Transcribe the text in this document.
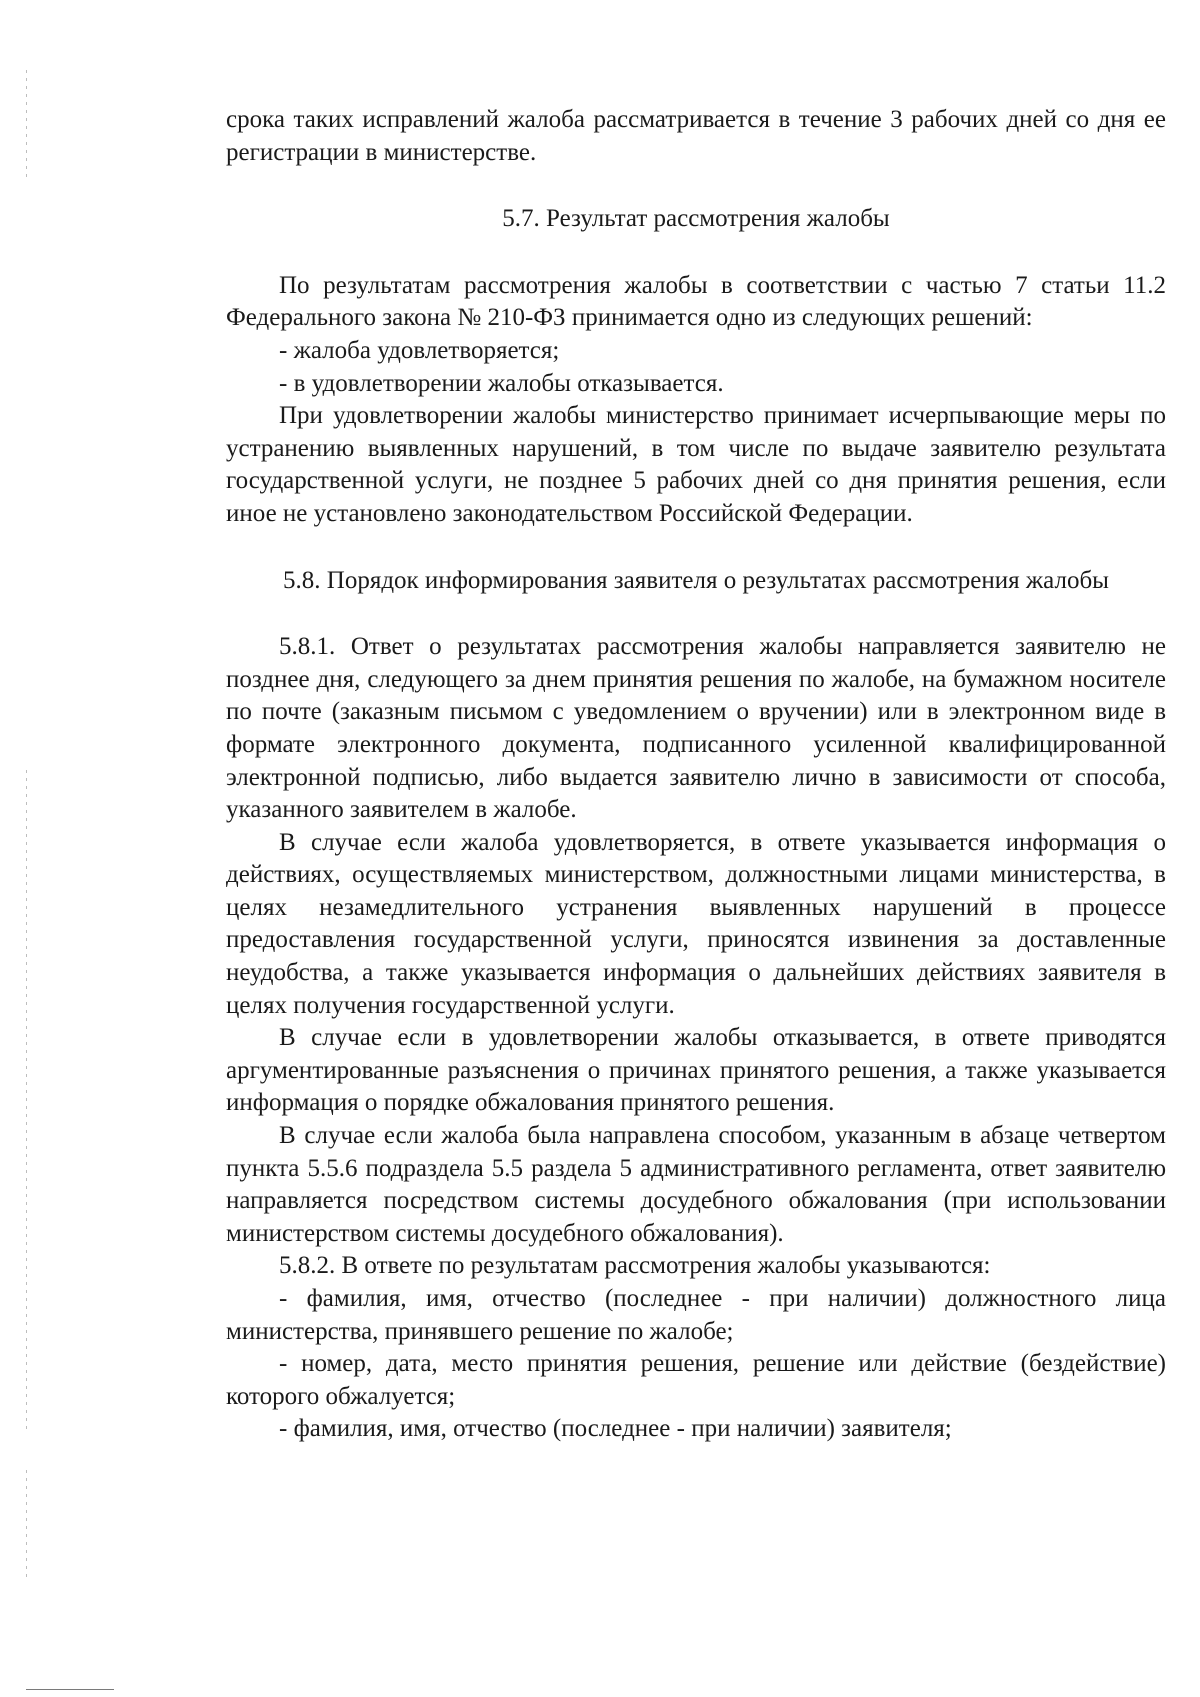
срока таких исправлений жалоба рассматривается в течение 3 рабочих дней со дня ее регистрации в министерстве.

5.7. Результат рассмотрения жалобы

По результатам рассмотрения жалобы в соответствии с частью 7 статьи 11.2 Федерального закона № 210-ФЗ принимается одно из следующих решений:

- жалоба удовлетворяется;

- в удовлетворении жалобы отказывается.

При удовлетворении жалобы министерство принимает исчерпывающие меры по устранению выявленных нарушений, в том числе по выдаче заявителю результата государственной услуги, не позднее 5 рабочих дней со дня принятия решения, если иное не установлено законодательством Российской Федерации.

5.8. Порядок информирования заявителя о результатах рассмотрения жалобы

5.8.1. Ответ о результатах рассмотрения жалобы направляется заявителю не позднее дня, следующего за днем принятия решения по жалобе, на бумажном носителе по почте (заказным письмом с уведомлением о вручении) или в электронном виде в формате электронного документа, подписанного усиленной квалифицированной электронной подписью, либо выдается заявителю лично в зависимости от способа, указанного заявителем в жалобе.

В случае если жалоба удовлетворяется, в ответе указывается информация о действиях, осуществляемых министерством, должностными лицами министерства, в целях незамедлительного устранения выявленных нарушений в процессе предоставления государственной услуги, приносятся извинения за доставленные неудобства, а также указывается информация о дальнейших действиях заявителя в целях получения государственной услуги.

В случае если в удовлетворении жалобы отказывается, в ответе приводятся аргументированные разъяснения о причинах принятого решения, а также указывается информация о порядке обжалования принятого решения.

В случае если жалоба была направлена способом, указанным в абзаце четвертом пункта 5.5.6 подраздела 5.5 раздела 5 административного регламента, ответ заявителю направляется посредством системы досудебного обжалования (при использовании министерством системы досудебного обжалования).

5.8.2. В ответе по результатам рассмотрения жалобы указываются:

- фамилия, имя, отчество (последнее - при наличии) должностного лица министерства, принявшего решение по жалобе;

- номер, дата, место принятия решения, решение или действие (бездействие) которого обжалуется;

- фамилия, имя, отчество (последнее - при наличии) заявителя;
